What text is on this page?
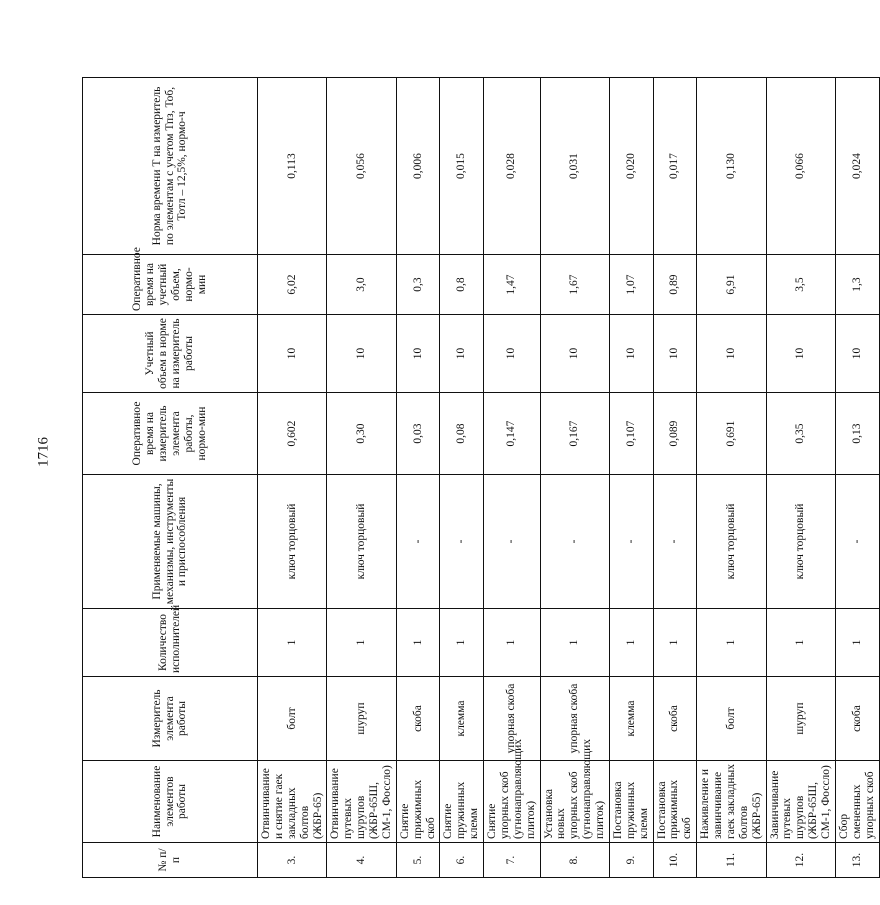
1716
№ п/п	Наименование элементов работы	Измеритель элемента работы	Количество исполнителей	Применяемые машины, механизмы, инструменты и приспособления	Оперативное время на измеритель элемента работы, нормо-мин	Учетный объем в норме на измеритель работы	Оперативное время на учетный объем, нормо-мин	Норма времени Т на измеритель по элементам с учетом Тпз, Тоб, Тотл – 12,5%, нормо-ч
3.	Отвинчивание и снятие гаек закладных болтов (ЖБР-65)	болт	1	ключ торцовый	0,602	10	6,02	0,113
4.	Отвинчивание путевых шурупов (ЖБР-65Ш, СМ-1, Фоссло)	шуруп	1	ключ торцовый	0,30	10	3,0	0,056
5.	Снятие прижимных скоб	скоба	1	-	0,03	10	0,3	0,006
6.	Снятие пружинных клемм	клемма	1	-	0,08	10	0,8	0,015
7.	Снятие упорных скоб (угнонаправляющих плиток)	упорная скоба	1	-	0,147	10	1,47	0,028
8.	Установка новых упорных скоб (угнонаправляющих плиток)	упорная скоба	1	-	0,167	10	1,67	0,031
9.	Постановка пружинных клемм	клемма	1	-	0,107	10	1,07	0,020
10.	Постановка прижимных скоб	скоба	1	-	0,089	10	0,89	0,017
11.	Наживление и завинчивание гаек закладных болтов (ЖБР-65)	болт	1	ключ торцовый	0,691	10	6,91	0,130
12.	Завинчивание путевых шурупов (ЖБР-65Ш, СМ-1, Фоссло)	шуруп	1	ключ торцовый	0,35	10	3,5	0,066
13.	Сбор смененных упорных скоб	скоба	1	-	0,13	10	1,3	0,024
